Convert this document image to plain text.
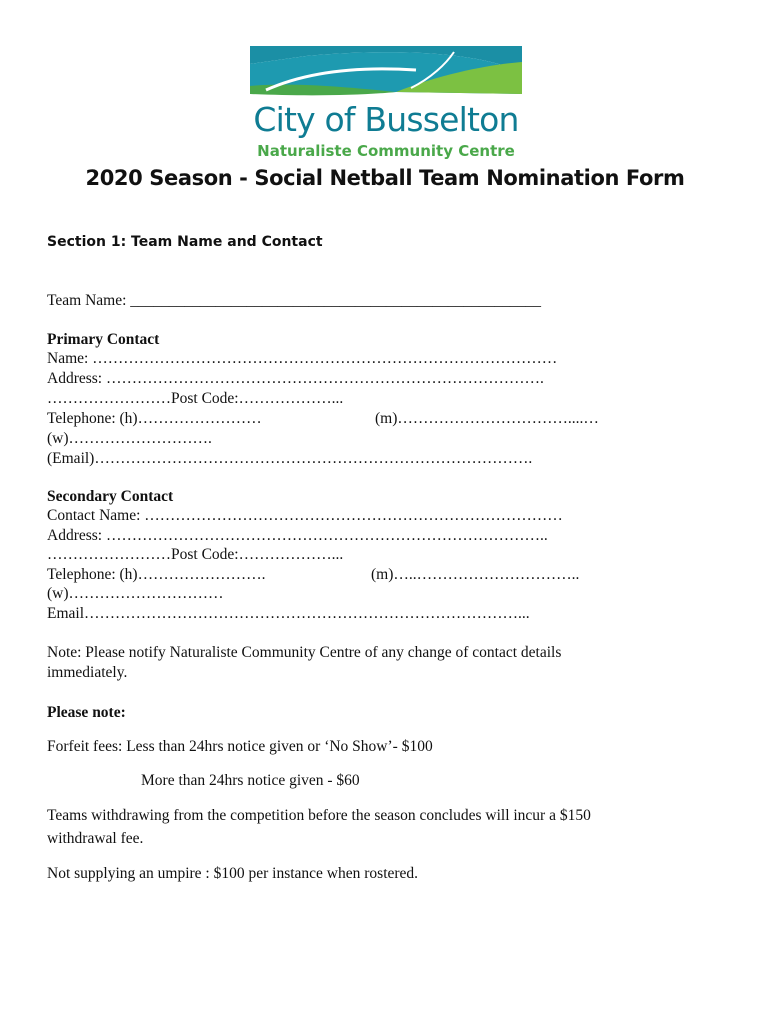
City of Busselton
Naturaliste Community Centre
2020 Season - Social Netball Team Nomination Form
Section 1: Team Name and Contact
Team Name: _____________________________________________________
Primary Contact
Name: ………………………………………………………………………………
Address: ………………………………………………………………………….
……………………Post Code:………………...
Telephone: (h)……………………	(m)……………………………....…
(w)……………………….
(Email)………………………………………………………………………….
Secondary Contact
Contact Name: ………………………………………………………………………
Address: …………………………………………………………………………..
……………………Post Code:………………...
Telephone: (h)…………………….	(m)…..…………………………..
(w)…………………………
Email…………………………………………………………………………...
Note: Please notify Naturaliste Community Centre of any change of contact details
immediately.
Please note:
Forfeit fees: Less than 24hrs notice given or ‘No Show’- $100
More than 24hrs notice given - $60
Teams withdrawing from the competition before the season concludes will incur a $150
withdrawal fee.
Not supplying an umpire : $100 per instance when rostered.
